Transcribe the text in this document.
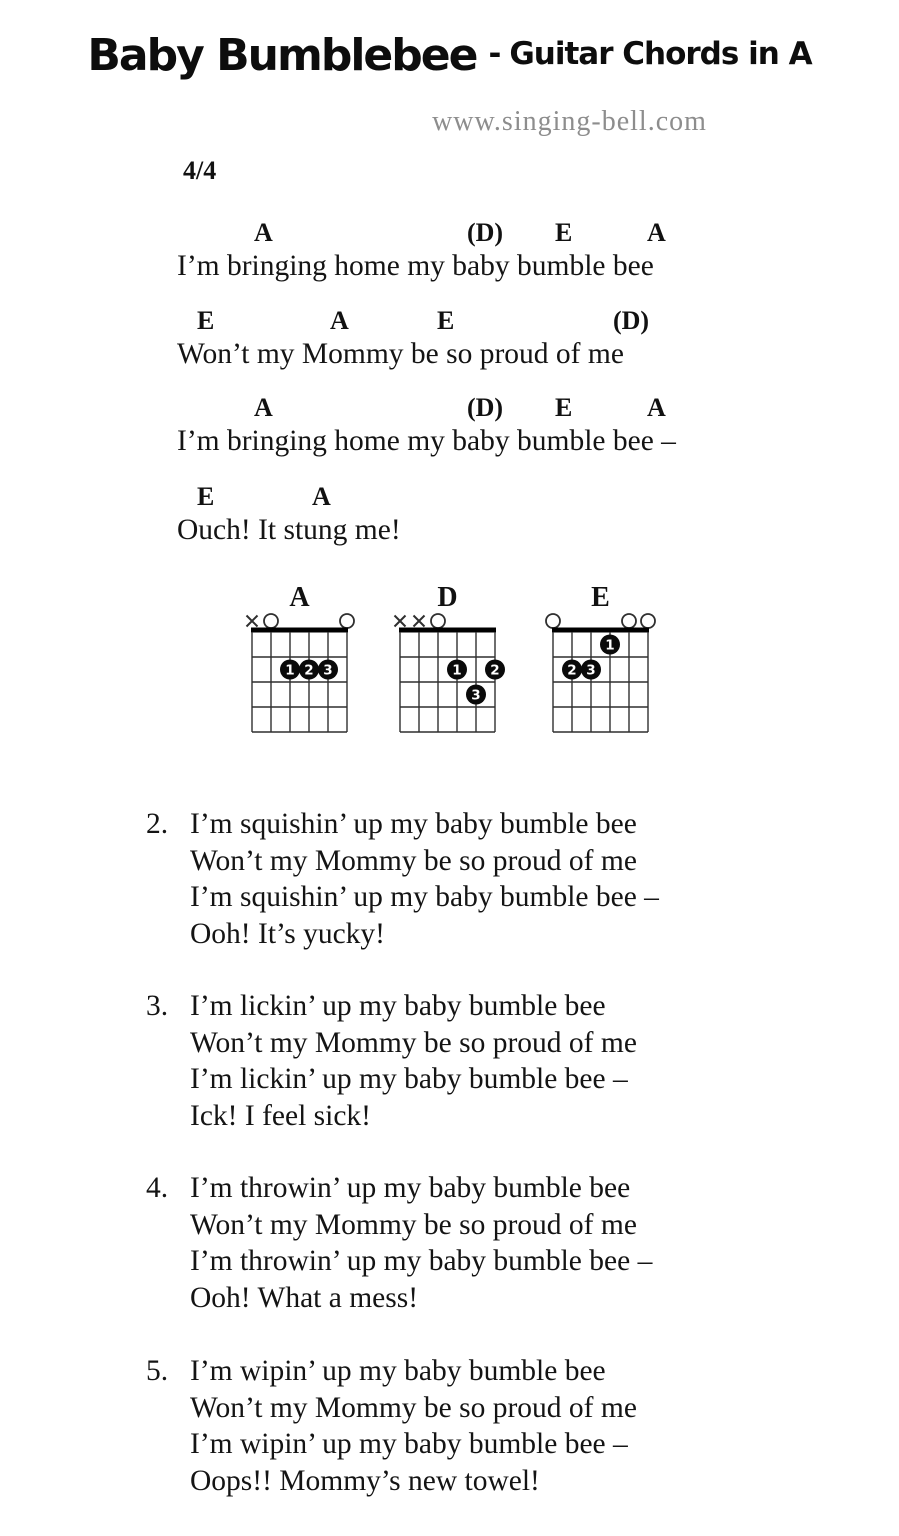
Baby Bumblebee - Guitar Chords in A
www.singing-bell.com
4/4
A	(D) E	A
I’m bringing home my baby bumble bee
E	A	E	(D)
Won’t my Mommy be so proud of me
A	(D) E	A
I’m bringing home my baby bumble bee –
E	A
Ouch! It stung me!
A
1 2 3
D
1 2
3
E
1
2 3
2. I’m squishin’ up my baby bumble bee
Won’t my Mommy be so proud of me
I’m squishin’ up my baby bumble bee –
Ooh! It’s yucky!
3. I’m lickin’ up my baby bumble bee
Won’t my Mommy be so proud of me
I’m lickin’ up my baby bumble bee –
Ick! I feel sick!
4. I’m throwin’ up my baby bumble bee
Won’t my Mommy be so proud of me
I’m throwin’ up my baby bumble bee –
Ooh! What a mess!
5. I’m wipin’ up my baby bumble bee
Won’t my Mommy be so proud of me
I’m wipin’ up my baby bumble bee –
Oops!! Mommy’s new towel!
